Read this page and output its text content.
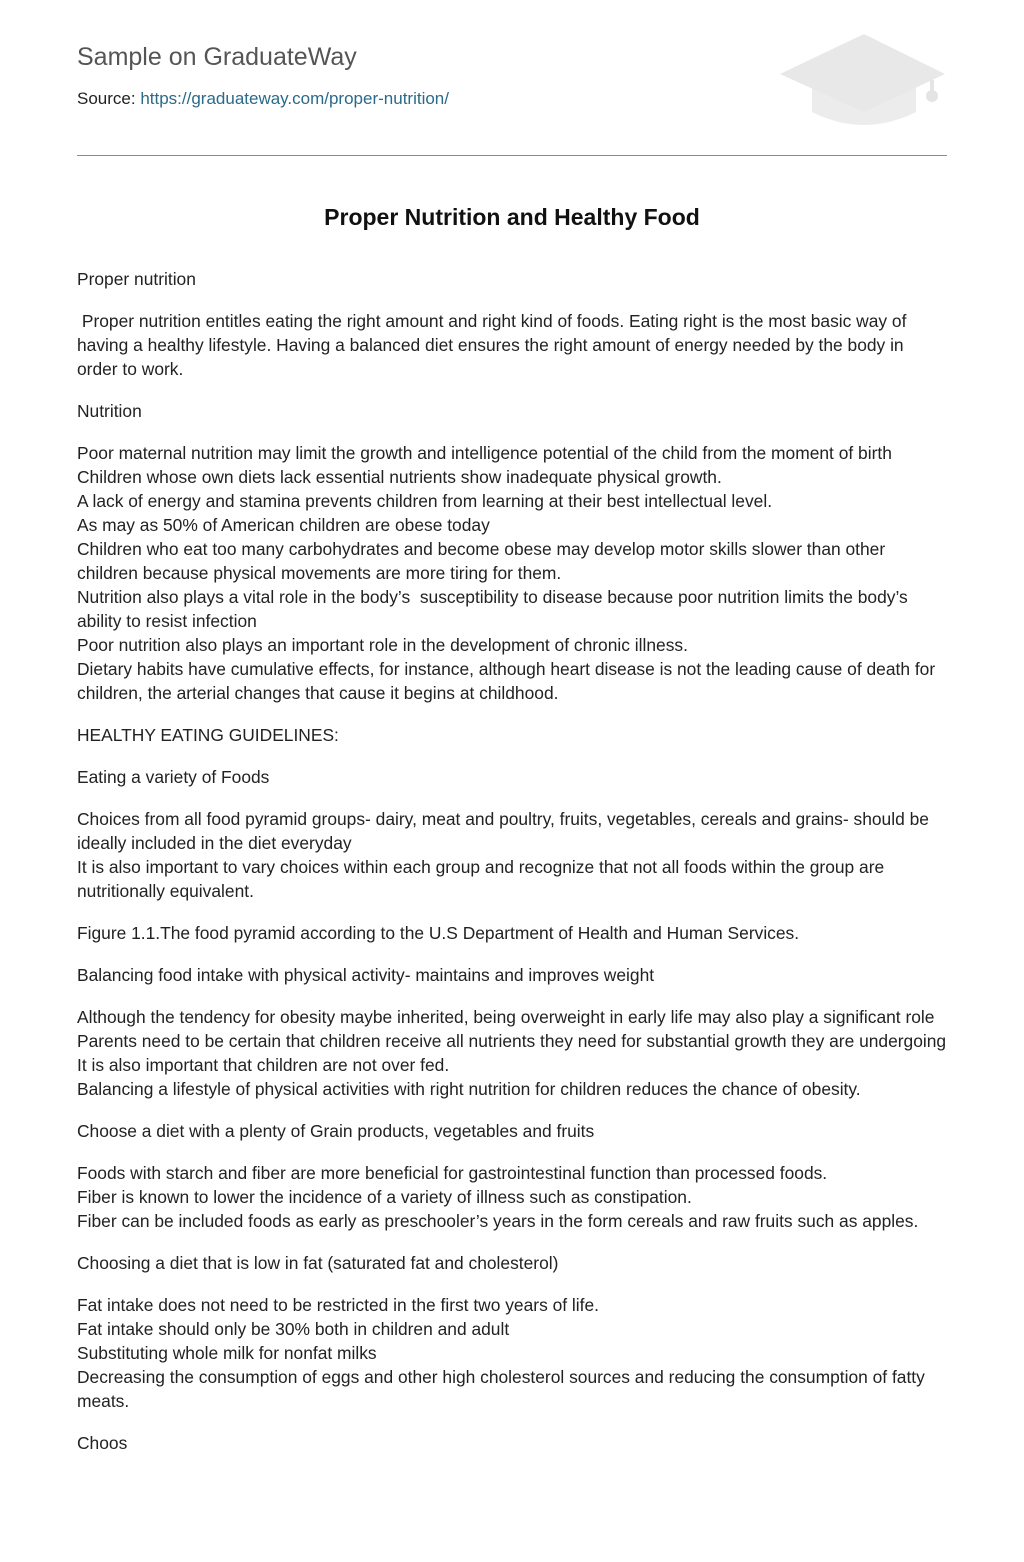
Sample on GraduateWay
Source: https://graduateway.com/proper-nutrition/
Proper Nutrition and Healthy Food

Proper nutrition

Proper nutrition entitles eating the right amount and right kind of foods. Eating right is the most basic way of having a healthy lifestyle. Having a balanced diet ensures the right amount of energy needed by the body in order to work.

Nutrition

Poor maternal nutrition may limit the growth and intelligence potential of the child from the moment of birth
Children whose own diets lack essential nutrients show inadequate physical growth.
A lack of energy and stamina prevents children from learning at their best intellectual level.
As may as 50% of American children are obese today
Children who eat too many carbohydrates and become obese may develop motor skills slower than other children because physical movements are more tiring for them.
Nutrition also plays a vital role in the body’s  susceptibility to disease because poor nutrition limits the body’s ability to resist infection
Poor nutrition also plays an important role in the development of chronic illness.
Dietary habits have cumulative effects, for instance, although heart disease is not the leading cause of death for children, the arterial changes that cause it begins at childhood.

HEALTHY EATING GUIDELINES:

Eating a variety of Foods

Choices from all food pyramid groups- dairy, meat and poultry, fruits, vegetables, cereals and grains- should be ideally included in the diet everyday
It is also important to vary choices within each group and recognize that not all foods within the group are nutritionally equivalent.

Figure 1.1.The food pyramid according to the U.S Department of Health and Human Services.

Balancing food intake with physical activity- maintains and improves weight

Although the tendency for obesity maybe inherited, being overweight in early life may also play a significant role
Parents need to be certain that children receive all nutrients they need for substantial growth they are undergoing
It is also important that children are not over fed.
Balancing a lifestyle of physical activities with right nutrition for children reduces the chance of obesity.

Choose a diet with a plenty of Grain products, vegetables and fruits

Foods with starch and fiber are more beneficial for gastrointestinal function than processed foods.
Fiber is known to lower the incidence of a variety of illness such as constipation.
Fiber can be included foods as early as preschooler’s years in the form cereals and raw fruits such as apples.

Choosing a diet that is low in fat (saturated fat and cholesterol)

Fat intake does not need to be restricted in the first two years of life.
Fat intake should only be 30% both in children and adult
Substituting whole milk for nonfat milks
Decreasing the consumption of eggs and other high cholesterol sources and reducing the consumption of fatty meats.

Choos
